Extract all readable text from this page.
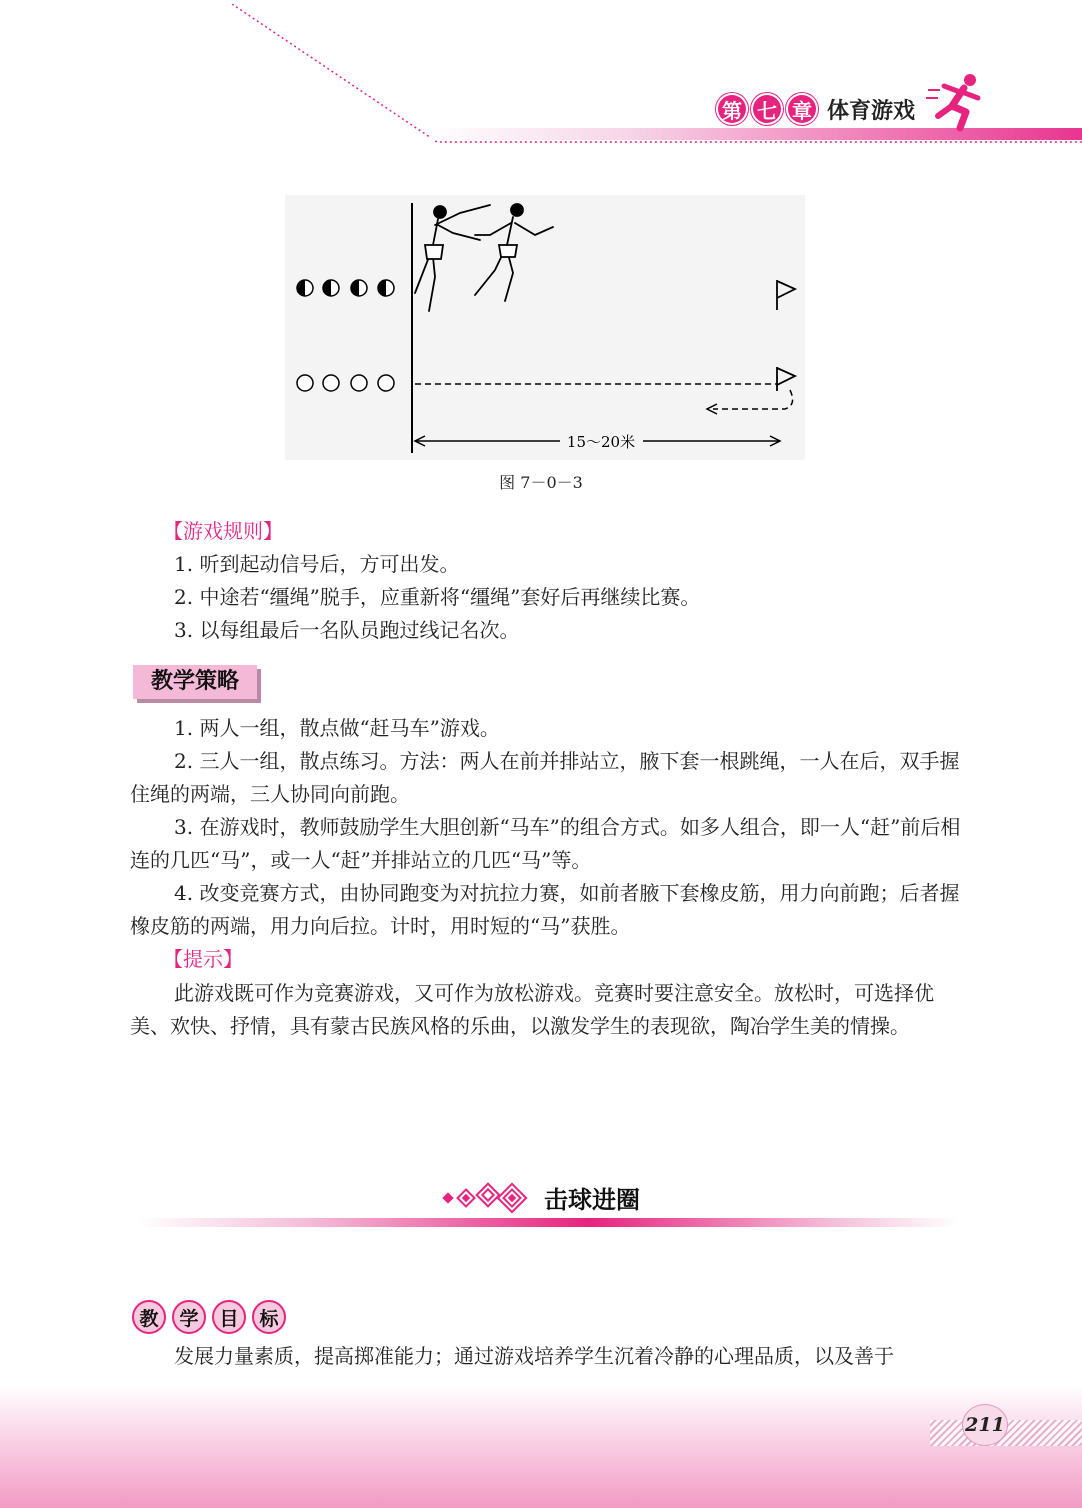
第 七 章 体育游戏
15～20米
图 7－0－3
【游戏规则】
1. 听到起动信号后，方可出发。
2. 中途若“缰绳”脱手，应重新将“缰绳”套好后再继续比赛。
3. 以每组最后一名队员跑过线记名次。
教学策略
1. 两人一组，散点做“赶马车”游戏。
2. 三人一组，散点练习。方法：两人在前并排站立，腋下套一根跳绳，一人在后，双手握住绳的两端，三人协同向前跑。
3. 在游戏时，教师鼓励学生大胆创新“马车”的组合方式。如多人组合，即一人“赶”前后相连的几匹“马”，或一人“赶”并排站立的几匹“马”等。
4. 改变竞赛方式，由协同跑变为对抗拉力赛，如前者腋下套橡皮筋，用力向前跑；后者握橡皮筋的两端，用力向后拉。计时，用时短的“马”获胜。
【提示】
此游戏既可作为竞赛游戏，又可作为放松游戏。竞赛时要注意安全。放松时，可选择优美、欢快、抒情，具有蒙古民族风格的乐曲，以激发学生的表现欲，陶冶学生美的情操。
击球进圈
教	学	目	标
发展力量素质，提高掷准能力；通过游戏培养学生沉着冷静的心理品质，以及善于
211
